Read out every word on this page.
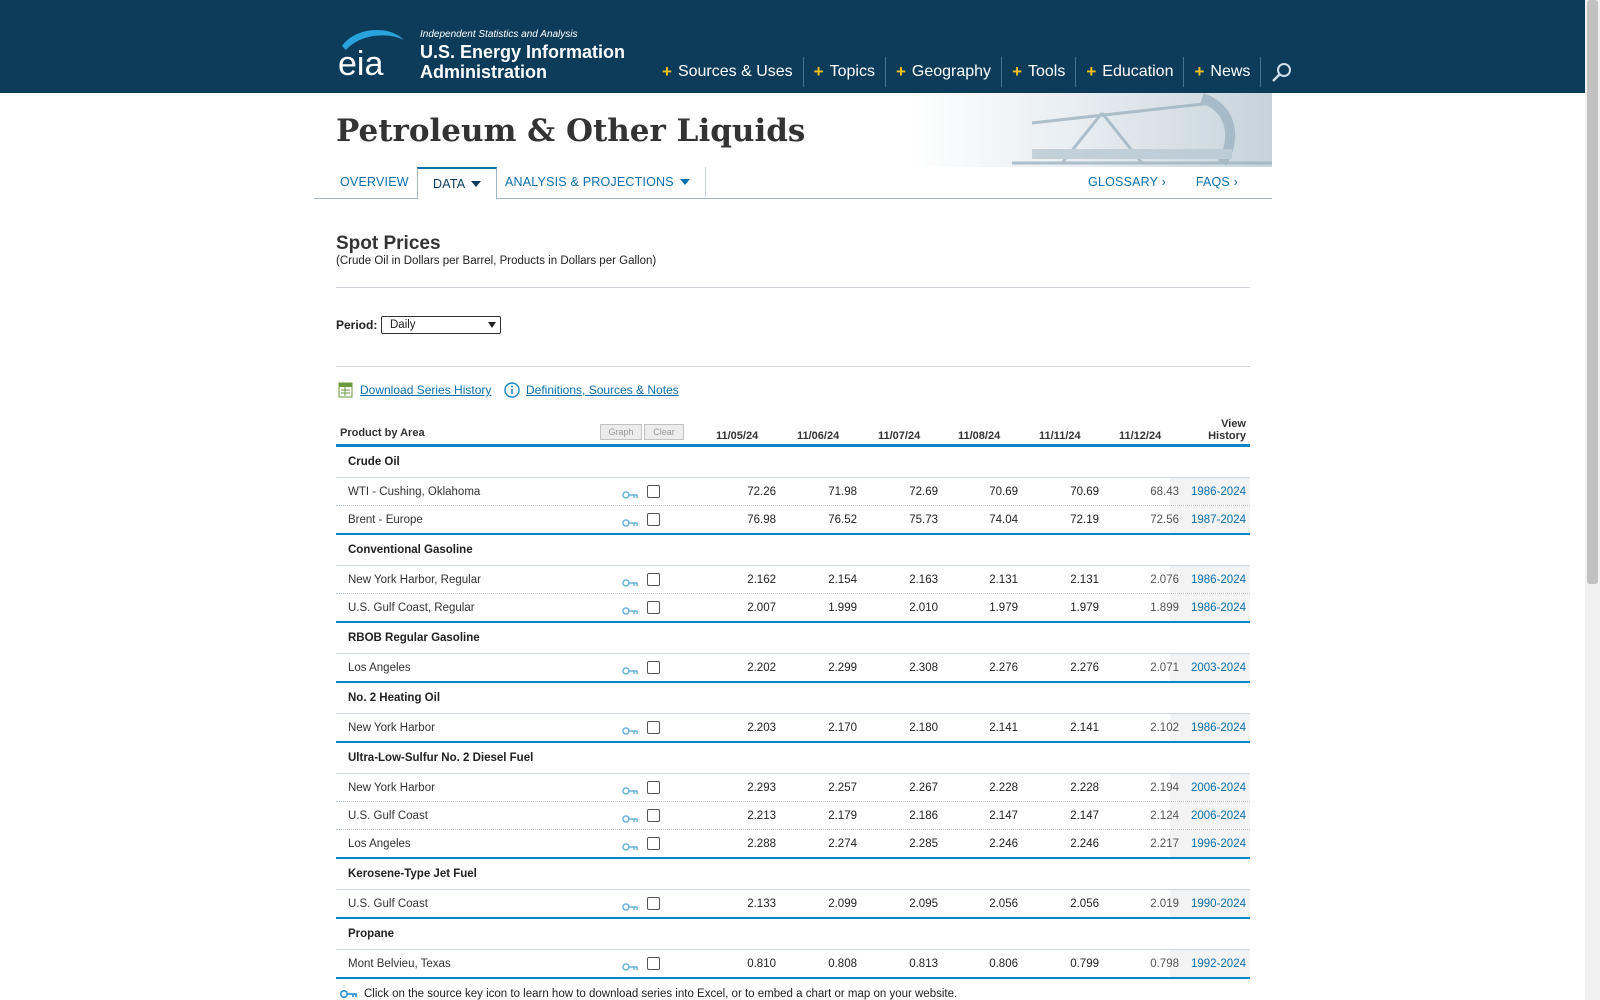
eia
Independent Statistics and Analysis
U.S. Energy Information Administration	+ Sources & Uses + Topics + Geography + Tools + Education + News
Petroleum & Other Liquids
OVERVIEW DATA	ANALYSIS & PROJECTIONS	GLOSSARY › FAQS ›
Spot Prices
(Crude Oil in Dollars per Barrel, Products in Dollars per Gallon)
Period: Daily
Download Series History	Definitions, Sources & Notes
Product by Area	Graph	Clear	11/05/24	11/06/24	11/07/24	11/08/24	11/11/24	11/12/24
View
History
Crude Oil
WTI - Cushing, Oklahoma	72.26	71.98	72.69	70.69	70.69	68.43 1986-2024
Brent - Europe	76.98	76.52	75.73	74.04	72.19	72.56 1987-2024
Conventional Gasoline
New York Harbor, Regular	2.162	2.154	2.163	2.131	2.131	2.076 1986-2024
U.S. Gulf Coast, Regular	2.007	1.999	2.010	1.979	1.979	1.899 1986-2024
RBOB Regular Gasoline
Los Angeles	2.202	2.299	2.308	2.276	2.276	2.071 2003-2024
No. 2 Heating Oil
New York Harbor	2.203	2.170	2.180	2.141	2.141	2.102 1986-2024
Ultra-Low-Sulfur No. 2 Diesel Fuel
New York Harbor	2.293	2.257	2.267	2.228	2.228	2.194 2006-2024
U.S. Gulf Coast	2.213	2.179	2.186	2.147	2.147	2.124 2006-2024
Los Angeles	2.288	2.274	2.285	2.246	2.246	2.217 1996-2024
Kerosene-Type Jet Fuel
U.S. Gulf Coast	2.133	2.099	2.095	2.056	2.056	2.019 1990-2024
Propane
Mont Belvieu, Texas	0.810	0.808	0.813	0.806	0.799	0.798 1992-2024
Click on the source key icon to learn how to download series into Excel, or to embed a chart or map on your website.
